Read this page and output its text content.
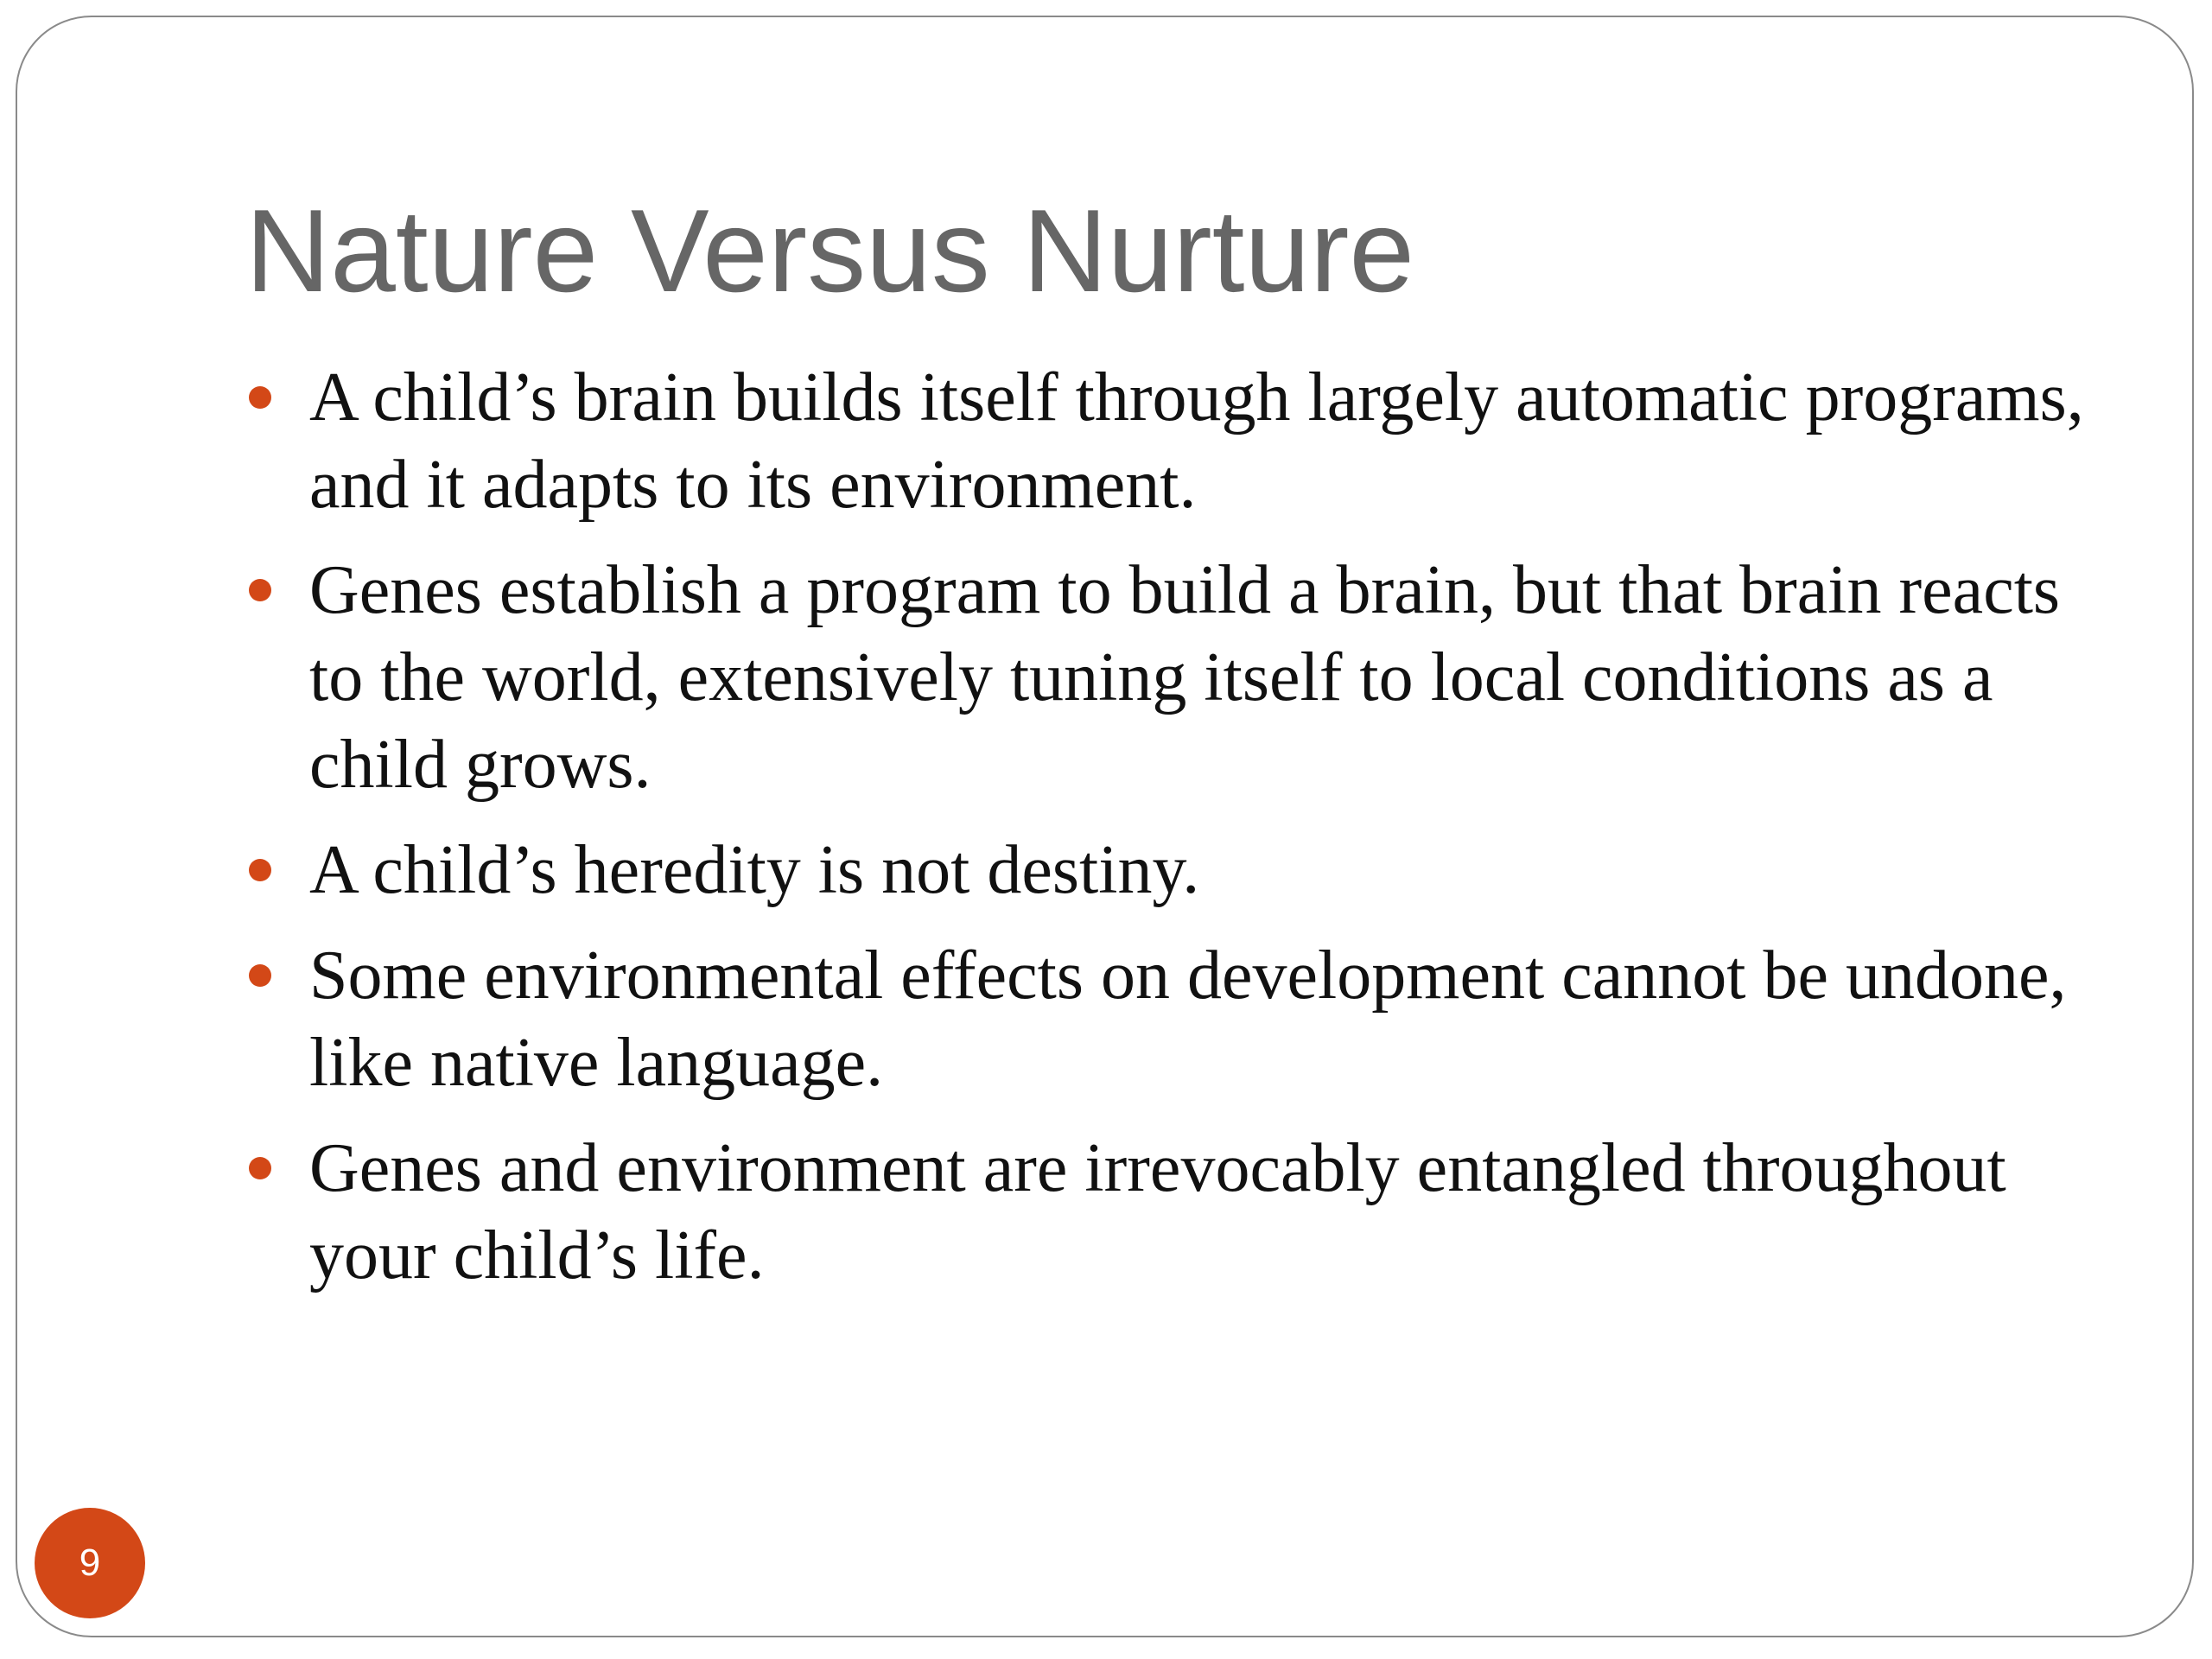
Nature Versus Nurture
A child’s brain builds itself through largely automatic programs, and it adapts to its environment.
Genes establish a program to build a brain, but that brain reacts to the world, extensively tuning itself to local conditions as a child grows.
A child’s heredity is not destiny.
Some environmental effects on development cannot be undone, like native language.
Genes and environment are irrevocably entangled throughout your child’s life.
9
